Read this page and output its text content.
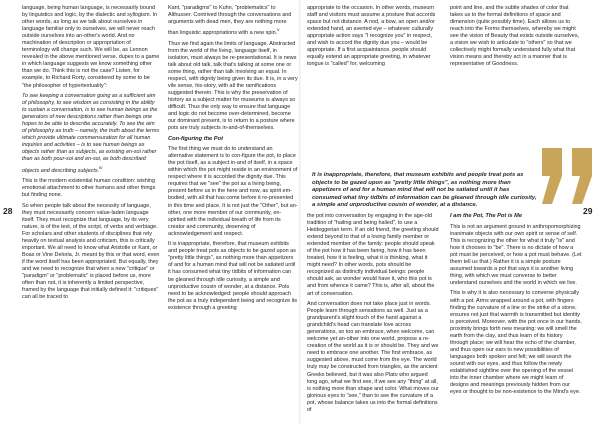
28	29

language, being human language, is necessarily bound by linguistics and logic, by the dialectic and syllogism. In other words, as long as we talk about ourselves in language familiar only to ourselves, we will never reach outside ourselves into an-other's world. And no machination of description or appropriation of terminology will change such. We will be, as Lennon revealed in the above mentioned verse, dupes to a game in which language suggests we know something other than we do. Think this is not the case? Listen, for example, to Richard Rorty, considered by some to be "the philosopher of hypertextuality":

To see keeping a conversation going as a sufficient aim of philosophy, to see wisdom as consisting in the ability to sustain a conversation, is to see human beings as the generators of new descriptions rather than beings one hopes to be able to describe accurately. To see the aim of philosophy as truth – namely, the truth about the terms which provide ultimate commensuration for all human inquiries and activities – is to see human beings as objects rather than as subjects, as existing en-soi rather than as both pour-soi and en-soi, as both described objects and describing subjects.$^{iv}$

This is the modern existential human condition: wishing emotional attachment to other humans and other things but finding none.

So when people talk about the necessity of language, they must necessarily concern value-laden language itself. They must recognize that language, by its very nature, is of the text, of the script, of verbs and verbiage. For scholars and other students of disciplines that rely heavily on textual analysis and criticism, this is critically important. We all need to know what Aristotle or Kant, or Boas or Vine Deloria, Jr. meant by this or that word, even if the word itself has been appropriated. But equally, they and we need to recognize that when a new "critique" or "paradigm" or "problematic" is placed before us, more often than not, it is inherently a limited perspective, framed by the language that initially defined it: "critiques" can all be traced to

Kant, "paradigms" to Kuhn, "problematics" to Althusser. Contrived through the conversations and arguments with dead men, they are nothing more than linguistic appropriations with a new spin.$^v$

Thus we find again the limits of language. Abstracted from the world of the living, language itself, in isolation, must always be re-presentational. It is news talk about old talk, talk that's talking at some one or some thing, rather than talk involving an equal. In respect, with dignity being given its due. It is, in a very vile sense, his-story, with all the ramifications suggested therein. This is why the preservation of history as a subject matter for museums is always so difficult. Thus the only way to ensure that language and logic do not become over-determined, become our dominant present, is to return to a posture where pots are truly subjects in-and-of-themselves.

Con-figuring the Pot

The first thing we must do to understand an alternative statement is to con-figure the pot, to place the pot itself, as a subject in-and of itself, in a space within which the pot might reside in an environment of respect where it is accorded the dignity due. This requires that we "see" the pot as a living being, present before us in the here and now, as spirit em-bodied, with all that has come before it re-presented in this time and place. It is not just the "Other", but an-other, one more member of our community, en-spirited with the individual breath of life from its creator and community, deserving of acknowledgement and respect.

It is inappropriate, therefore, that museum exhibits and people treat pots as objects to be gazed upon as "pretty little things", as nothing more than appetizers of and for a human mind that will not be satiated until it has consumed what tiny tidbits of information can be gleaned through idle curiosity, a simple and unproductive cousin of wonder, at a distance. Pots need to be acknowledged: people should approach the pot as a truly independent being and recognize its existence through a greeting

appropriate to the occasion. In other words, museum staff and visitors must assume a posture that accords space but not distance. A nod, a bow, an open and/or extended hand, an averted eye – whatever culturally appropriate action says "I recognize you" in respect, and wish to accord the dignity due you – would be appropriate. If a first acquaintance, people should equally extend an appropriate greeting, in whatever tongue is "called" for, welcoming

point and line, and the subtle shades of color that takes us to the formal definitions of space and dimension (quite possibly time). Each allows us to reach into the Forms themselves, whereby we might see the vision of Beauty that exists outside ourselves, a vision we wish to articulate to "others" so that we collectively might formally understand fully what that vision means and thereby act in a manner that is representative of Goodness.

It is inappropriate, therefore, that museum exhibits and people treat pots as objects to be gazed upon as "pretty little things", as nothing more than appetizers of and for a human mind that will not be satiated until it has consumed what tiny tidbits of information can be gleaned through idle curiosity, a simple and unproductive cousin of wonder, at a distance.

the pot into conversation by engaging in the age-old tradition of "hailing and being hailed", to use a Heideggerian term. If an old friend, the greeting should extend beyond to that of a loving family member or extended member of the family: people should speak of the pot how it has been faring, how it has been treated, how it is feeling, what it is thinking, what it might need? In other words, pots should be recognized as distinctly individual beings: people should ask, as wonder would have it, who this pot is and from whence it came? This is, after all, about the art of conversation.

And conversation does not take place just in words. People learn through sensations as well. Just as a grandparent's slight touch of the hand against a grandchild's head can translate love across generations, so too an embrace, when welcome, can welcome yet an-other into one world, propose a re-creation of the world as it is or should be. They and we need to embrace one another. The first embrace, as suggested above, must come from the eye. The world truly may be constructed from triangles, as the ancient Greeks believed, but it was also Plato who argued long ago, what we first see, if we see any "thing" at all, is nothing more than shape and color. What moves our glorious eyes to "see," than to see the curvature of a pot, whose balance takes us into the formal definitions of

I am the Pot, The Pot is Me

This is not an argument ground in anthropomorphizing inanimate objects with our own spirit or sense of self. This is recognizing the other for what it truly "is" and how it chooses to "be". There is no dictate of how a pot must be perceived, or how a pot must behave. (Let them tell us that.) Rather it is a simple posture assumed towards a pot that says it is another living thing, with which we must converse to better understand ourselves and the world in which we live.

This is why it is also necessary to converse physically with a pot. Arms wrapped around a pot, with fingers finding the curvature of a line or the strike of a stone, ensures not just that warmth is transmitted but identity is perceived. Moreover, with the pot once in our hands, proximity brings forth new meaning: we will smell the earth from the clay, and thus learn of its history through place; we will hear the echo of the chamber, and thus open our ears to new possibilities of languages both spoken and felt; we will search the sound with our eyes, and thus follow the newly established sightline over the opening of the vessel into the inner chamber where we might learn of designs and meanings previously hidden from our eyes or thought to be non-existence to the Mind's eye.
